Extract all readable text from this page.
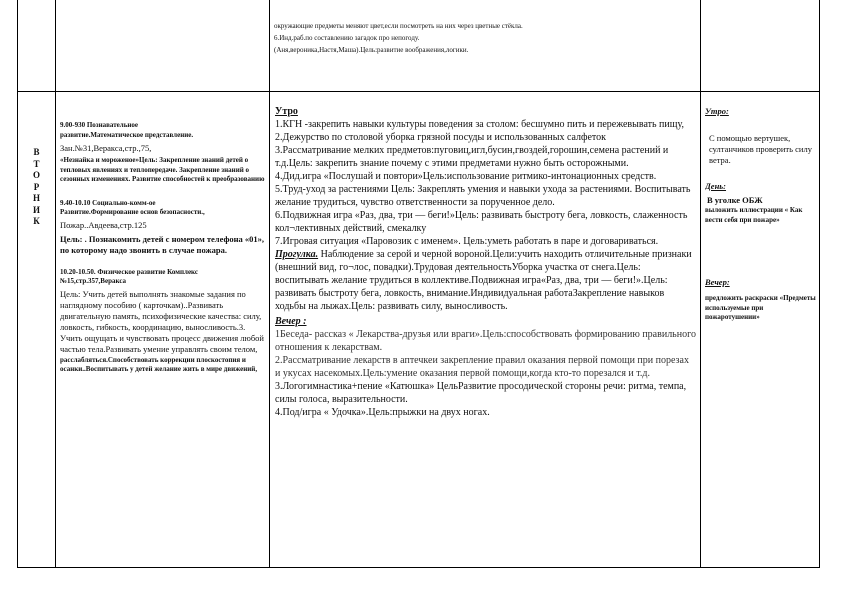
окружающие предметы меняют цвет,если посмотреть на них через цветные стёкла.

6.Инд.раб.по составлению загадок про непогоду.

(Аня,вероника,Настя,Маша).Цель:развитие воображения,логики.

В
Т
О
Р
Н
И
К

9.00-930 Познавательное развитие.Математическое представление.

Зан.№31,Веракса,стр.,75,

«Незнайка и мороженое»Цель: Закрепление знаний детей о тепловых явлениях и теплопередаче. Закрепление знаний о сезонных изменениях. Развитие способностей к преобразованию

9.40-10.10 Социально-комм-ое Развитие.Формирование основ безопасности.,

Пожар..Авдеева,стр.125

Цель: . Познакомить детей с номером телефона «01», по которому надо звонить в случае пожара.

10.20-10.50. Физическое развитие Комплекс №15,стр.357,Веракса

Цель: Учить детей выполнять знакомые задания по наглядному пособию ( карточкам)..Развивать двигательную память, психофизические качества: силу, ловкость, гибкость, координацию, выносливость.3. Учить ощущать и чувствовать процесс движения любой частью тела.Развивать умение управлять своим телом,

расслабляться.Способствовать коррекции плоскостопия и осанки..Воспитывать у детей желание жить в мире движений,

Утро

1.КГН -закрепить навыки культуры поведения за столом: бесшумно пить и пережевывать пищу,

2.Дежурство по столовой уборка грязной посуды и использованных салфеток

3.Рассматривание мелких предметов:пуговиц,игл,бусин,гвоздей,горошин,семена растений и т.д.Цель: закрепить знание почему с этими предметами нужно быть осторожными.

4.Дид.игра «Послушай и повтори»Цель:использование ритмико-интонационных средств.

5.Труд-уход за растениями Цель: Закреплять умения и навыки ухода за растениями. Воспитывать желание трудиться, чувство ответственности за порученное дело.

6.Подвижная игра «Раз, два, три — беги!»Цель: развивать быстроту бега, ловкость, слаженность кол¬лективных действий, смекалку

7.Игровая ситуация «Паровозик с именем». Цель:уметь работать в паре и договариваться.

Прогулка. Наблюдение за серой и черной вороной.Цели:учить находить отличительные признаки (внешний вид, го¬лос, повадки).Трудовая деятельностьУборка участка от снега.Цель: воспитывать желание трудиться в коллективе.Подвижная игра«Раз, два, три — беги!».Цель: развивать быстроту бега, ловкость, внимание.Индивидуальная работаЗакрепление навыков ходьбы на лыжах.Цель: развивать силу, выносливость.

Вечер :

1Беседа- рассказ « Лекарства-друзья или враги».Цель:способствовать формированию правильного отношения к лекарствам.

2.Рассматривание лекарств в аптечкеи закрепление правил оказания первой помощи при порезах и укусах насекомых.Цель:умение оказания первой помощи,когда кто-то порезался и т.д.

3.Логогимнастика+пение «Катюшка» ЦельРазвитие просодической стороны речи: ритма, темпа, силы голоса, выразительности.

4.Под/игра « Удочка».Цель:прыжки на двух ногах.

Утро:

С помощью вертушек, султанчиков проверить силу ветра.

День:

В уголке ОБЖ

выложить иллюстрации « Как вести себя при пожаре»

Вечер:

предложить раскраски «Предметы используемые при пожаротушении»
